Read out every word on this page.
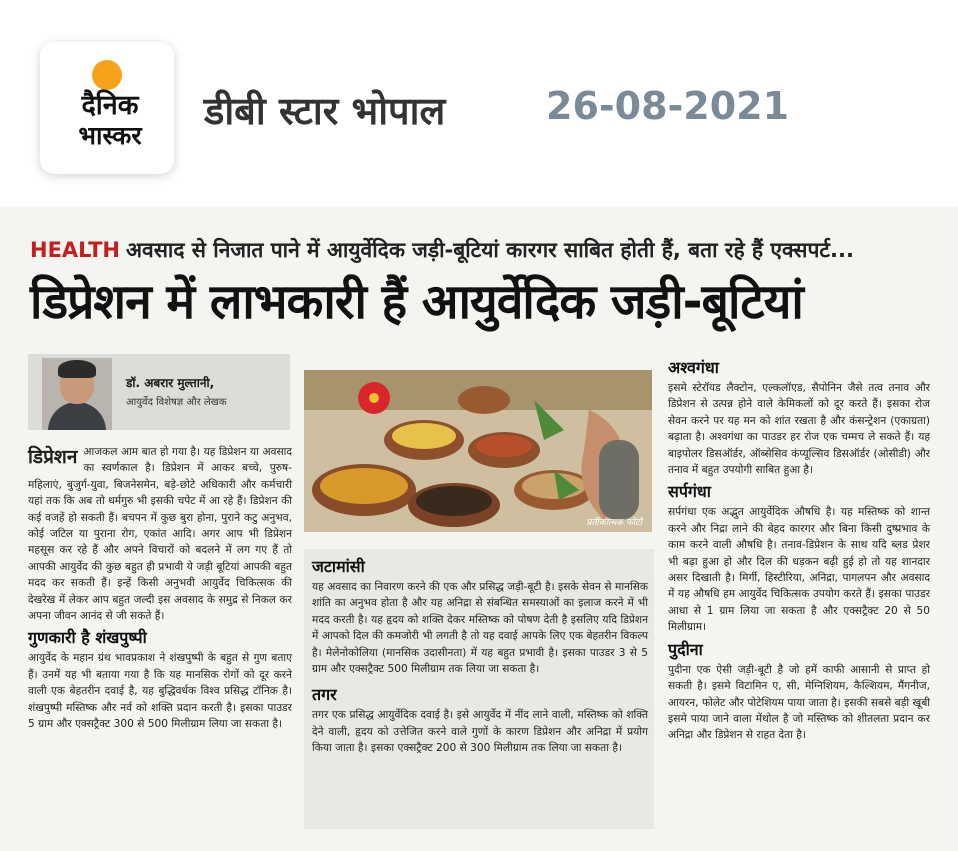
दैनिक
भास्कर
डीबी स्टार भोपाल	26-08-2021
HEALTH अवसाद से निजात पाने में आयुर्वेदिक जड़ी-बूटियां कारगर साबित होती हैं, बता रहे हैं एक्सपर्ट...
डिप्रेशन में लाभकारी हैं आयुर्वेदिक जड़ी-बूटियां
डॉ. अबरार मुल्तानी,
आयुर्वेद विशेषज्ञ और लेखक
डिप्रेशन आजकल आम बात हो गया है। यह डिप्रेशन या अवसाद का स्वर्णकाल है। डिप्रेशन में आकर बच्चे, पुरुष-महिलाएं, बुजुर्ग-युवा, बिजनेसमेन, बड़े-छोटे अधिकारी और कर्मचारी यहां तक कि अब तो धर्मगुरु भी इसकी चपेट में आ रहे हैं। डिप्रेशन की कई वजहें हो सकती हैं। बचपन में कुछ बुरा होना, पुराने कटु अनुभव, कोई जटिल या पुराना रोग, एकांत आदि। अगर आप भी डिप्रेशन महसूस कर रहे हैं और अपने विचारों को बदलने में लग गए हैं तो आपकी आयुर्वेद की कुछ बहुत ही प्रभावी ये जड़ी बूटियां आपकी बहुत मदद कर सकती हैं। इन्हें किसी अनुभवी आयुर्वेद चिकित्सक की देखरेख में लेकर आप बहुत जल्दी इस अवसाद के समुद्र से निकल कर अपना जीवन आनंद से जी सकते हैं।
गुणकारी है शंखपुष्पी
आयुर्वेद के महान ग्रंथ भावप्रकाश ने शंखपुष्पी के बहुत से गुण बताए हैं। उनमें यह भी बताया गया है कि यह मानसिक रोगों को दूर करने वाली एक बेहतरीन दवाई है, यह बुद्धिवर्धक विश्व प्रसिद्ध टॉनिक है। शंखपुष्पी मस्तिष्क और नर्व को शक्ति प्रदान करती है। इसका पाउडर 5 ग्राम और एक्सट्रैक्ट 300 से 500 मिलीग्राम लिया जा सकता है।
प्रतीकात्मक फोटो
जटामांसी
यह अवसाद का निवारण करने की एक और प्रसिद्ध जड़ी-बूटी है। इसके सेवन से मानसिक शांति का अनुभव होता है और यह अनिद्रा से संबन्धित समस्याओं का इलाज करने में भी मदद करती है। यह हृदय को शक्ति देकर मस्तिष्क को पोषण देती है इसलिए यदि डिप्रेशन में आपको दिल की कमजोरी भी लगती है तो यह दवाई आपके लिए एक बेहतरीन विकल्प है। मेलेनोकोलिया (मानसिक उदासीनता) में यह बहुत प्रभावी है। इसका पाउडर 3 से 5 ग्राम और एक्सट्रैक्ट 500 मिलीग्राम तक लिया जा सकता है।
तगर
तगर एक प्रसिद्ध आयुर्वेदिक दवाई है। इसे आयुर्वेद में नींद लाने वाली, मस्तिष्क को शक्ति देने वाली, हृदय को उत्तेजित करने वाले गुणों के कारण डिप्रेशन और अनिद्रा में प्रयोग किया जाता है। इसका एक्सट्रैक्ट 200 से 300 मिलीग्राम तक लिया जा सकता है।
अश्वगंधा
इसमे स्टेरॉयड लैक्टोन, एल्कलॉएड, सैपोनिन जैसे तत्व तनाव और डिप्रेशन से उत्पन्न होने वाले केमिकलों को दूर करते हैं। इसका रोज सेवन करने पर यह मन को शांत रखता है और कंसन्ट्रेशन (एकाग्रता) बढ़ाता है। अश्वगंधा का पाउडर हर रोज एक चम्मच ले सकते हैं। यह बाइपोलर डिसऑर्डर, ऑब्सेसिव कंप्यूल्सिव डिसऑर्डर (ओसीडी) और तनाव में बहुत उपयोगी साबित हुआ है।
सर्पगंधा
सर्पगंधा एक अद्भुत आयुर्वेदिक औषधि है। यह मस्तिष्क को शान्त करने और निद्रा लाने की बेहद कारगर और बिना किसी दुष्प्रभाव के काम करने वाली औषधि है। तनाव-डिप्रेशन के साथ यदि ब्लड प्रेशर भी बढ़ा हुआ हो और दिल की धड़कन बढ़ी हुई हो तो यह शानदार असर दिखाती है। मिर्गी, हिस्टीरिया, अनिद्रा, पागलपन और अवसाद में यह औषधि हम आयुर्वेद चिकित्सक उपयोग करते हैं। इसका पाउडर आधा से 1 ग्राम लिया जा सकता है और एक्सट्रैक्ट 20 से 50 मिलीग्राम।
पुदीना
पुदीना एक ऐसी जड़ी-बूटी है जो हमें काफी आसानी से प्राप्त हो सकती है। इसमे विटामिन ए, सी, मेग्निशियम, कैल्शियम, मैंगनीज, आयरन, फोलेट और पोटेशियम पाया जाता है। इसकी सबसे बड़ी खूबी इसमे पाया जाने वाला मेंथोल है जो मस्तिष्क को शीतलता प्रदान कर अनिद्रा और डिप्रेशन से राहत देता है।
